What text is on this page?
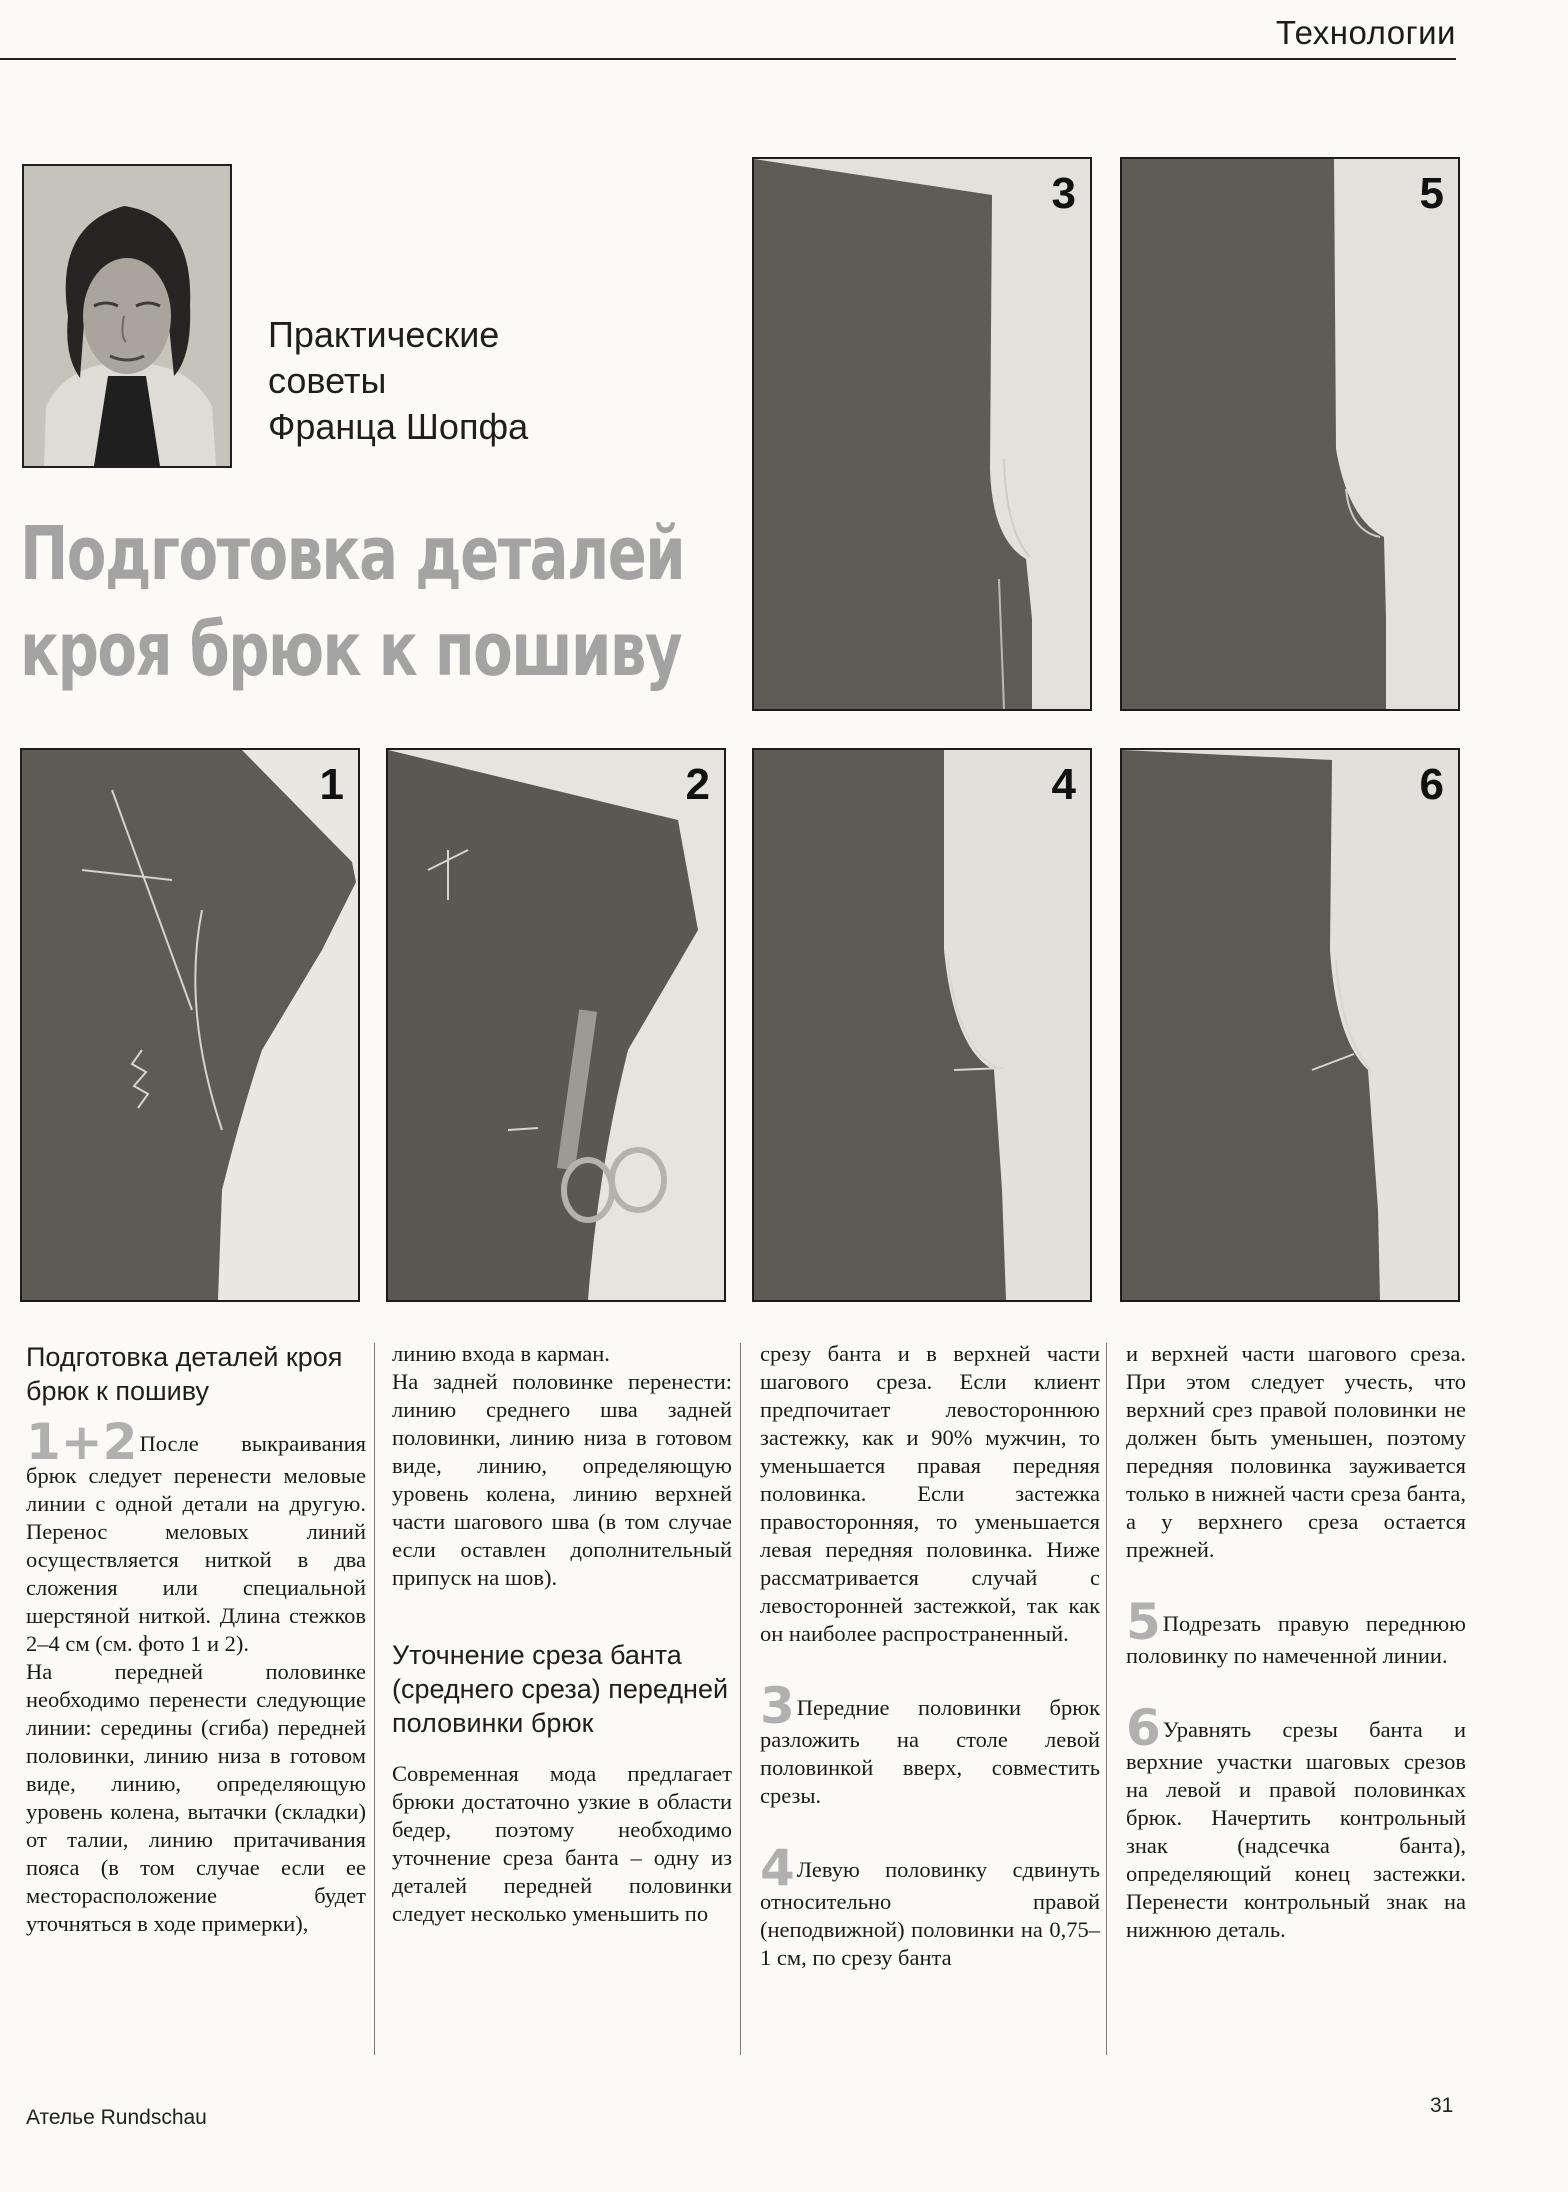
Технологии
Практические
советы
Франца Шопфа
Подготовка деталей
кроя брюк к пошиву
3	5
1	2	4	6

Подготовка деталей кроя брюк к пошиву

1+2После выкраивания брюк следует перенести меловые линии с одной детали на другую. Перенос меловых линий осуществляется ниткой в два сложения или специальной шерстяной ниткой. Длина стежков 2–4 см (см. фото 1 и 2).

На передней половинке необходимо перенести следующие линии: середины (сгиба) передней половинки, линию низа в готовом виде, линию, определяющую уровень колена, вытачки (складки) от талии, линию притачивания пояса (в том случае если ее месторасположение будет уточняться в ходе примерки),

линию входа в карман.

На задней половинке перенести: линию среднего шва задней половинки, линию низа в готовом виде, линию, определяющую уровень колена, линию верхней части шагового шва (в том случае если оставлен дополнительный припуск на шов).

Уточнение среза банта (среднего среза) передней половинки брюк

Современная мода предлагает брюки достаточно узкие в области бедер, поэтому необходимо уточнение среза банта – одну из деталей передней половинки следует несколько уменьшить по

срезу банта и в верхней части шагового среза. Если клиент предпочитает левостороннюю застежку, как и 90% мужчин, то уменьшается правая передняя половинка. Если застежка правосторонняя, то уменьшается левая передняя половинка. Ниже рассматривается случай с левосторонней застежкой, так как он наиболее распространенный.

3Передние половинки брюк разложить на столе левой половинкой вверх, совместить срезы.

4Левую половинку сдвинуть относительно правой (неподвижной) половинки на 0,75–1 см, по срезу банта

и верхней части шагового среза. При этом следует учесть, что верхний срез правой половинки не должен быть уменьшен, поэтому передняя половинка зауживается только в нижней части среза банта, а у верхнего среза остается прежней.

5Подрезать правую переднюю половинку по намеченной линии.

6Уравнять срезы банта и верхние участки шаговых срезов на левой и правой половинках брюк. Начертить контрольный знак (надсечка банта), определяющий конец застежки. Перенести контрольный знак на нижнюю деталь.

Ателье Rundschau
31
